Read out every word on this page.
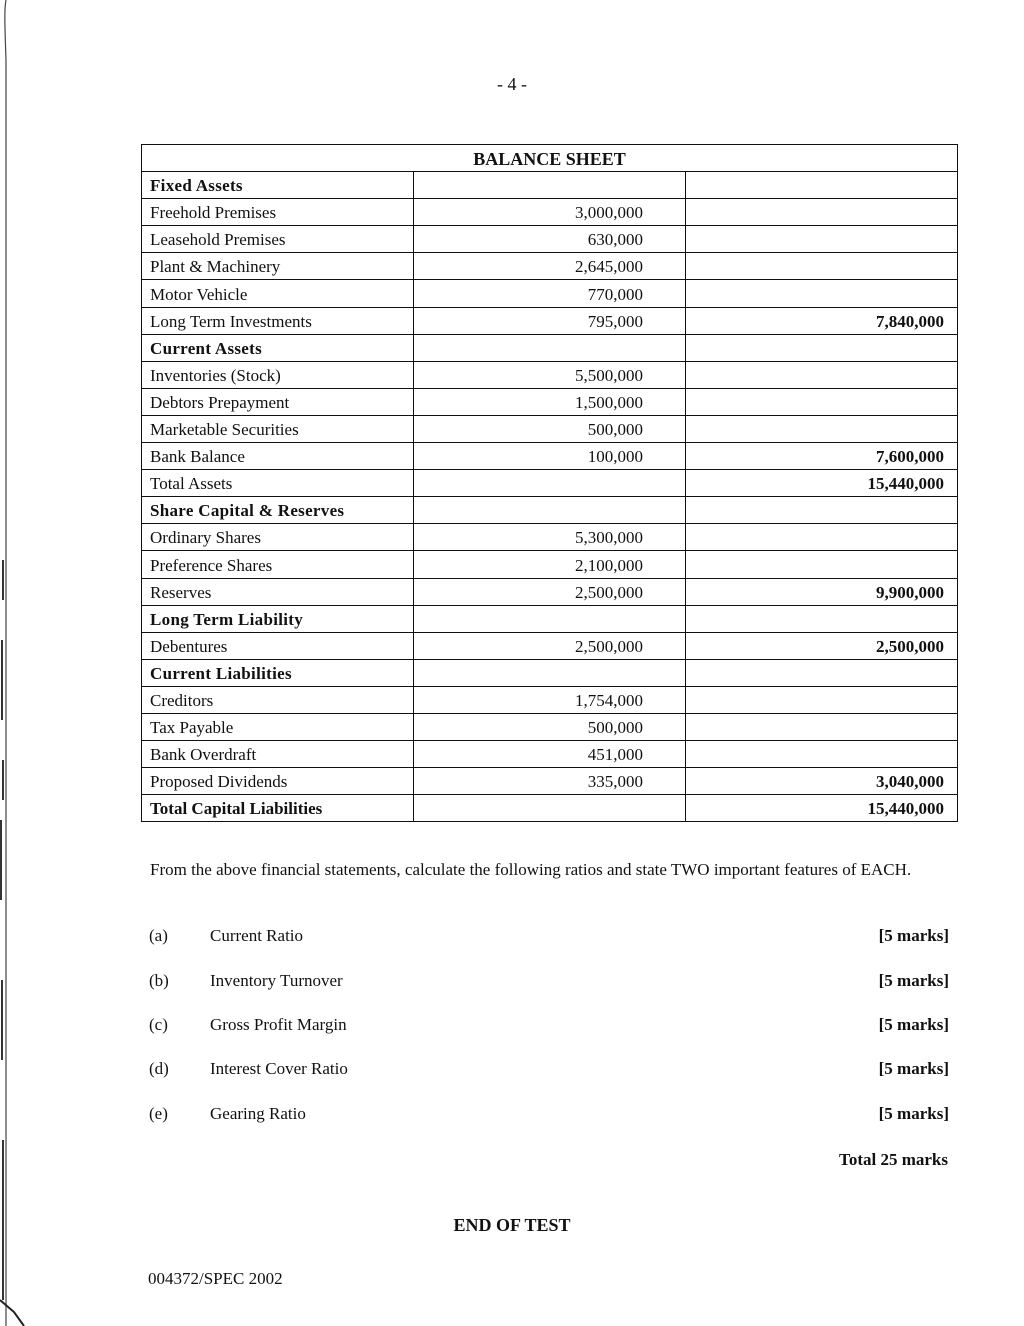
- 4 -
BALANCE SHEET		
Fixed Assets		
Freehold Premises	3,000,000	
Leasehold Premises	630,000	
Plant & Machinery	2,645,000	
Motor Vehicle	770,000	
Long Term Investments	795,000	7,840,000
Current Assets		
Inventories (Stock)	5,500,000	
Debtors Prepayment	1,500,000	
Marketable Securities	500,000	
Bank Balance	100,000	7,600,000
Total Assets		15,440,000
Share Capital & Reserves		
Ordinary Shares	5,300,000	
Preference Shares	2,100,000	
Reserves	2,500,000	9,900,000
Long Term Liability		
Debentures	2,500,000	2,500,000
Current Liabilities		
Creditors	1,754,000	
Tax Payable	500,000	
Bank Overdraft	451,000	
Proposed Dividends	335,000	3,040,000
Total Capital Liabilities		15,440,000
From the above financial statements, calculate the following ratios and state TWO important features of EACH.
(a) Current Ratio	[5 marks]
(b) Inventory Turnover	[5 marks]
(c) Gross Profit Margin	[5 marks]
(d) Interest Cover Ratio	[5 marks]
(e) Gearing Ratio	[5 marks]
Total 25 marks
END OF TEST
004372/SPEC 2002
